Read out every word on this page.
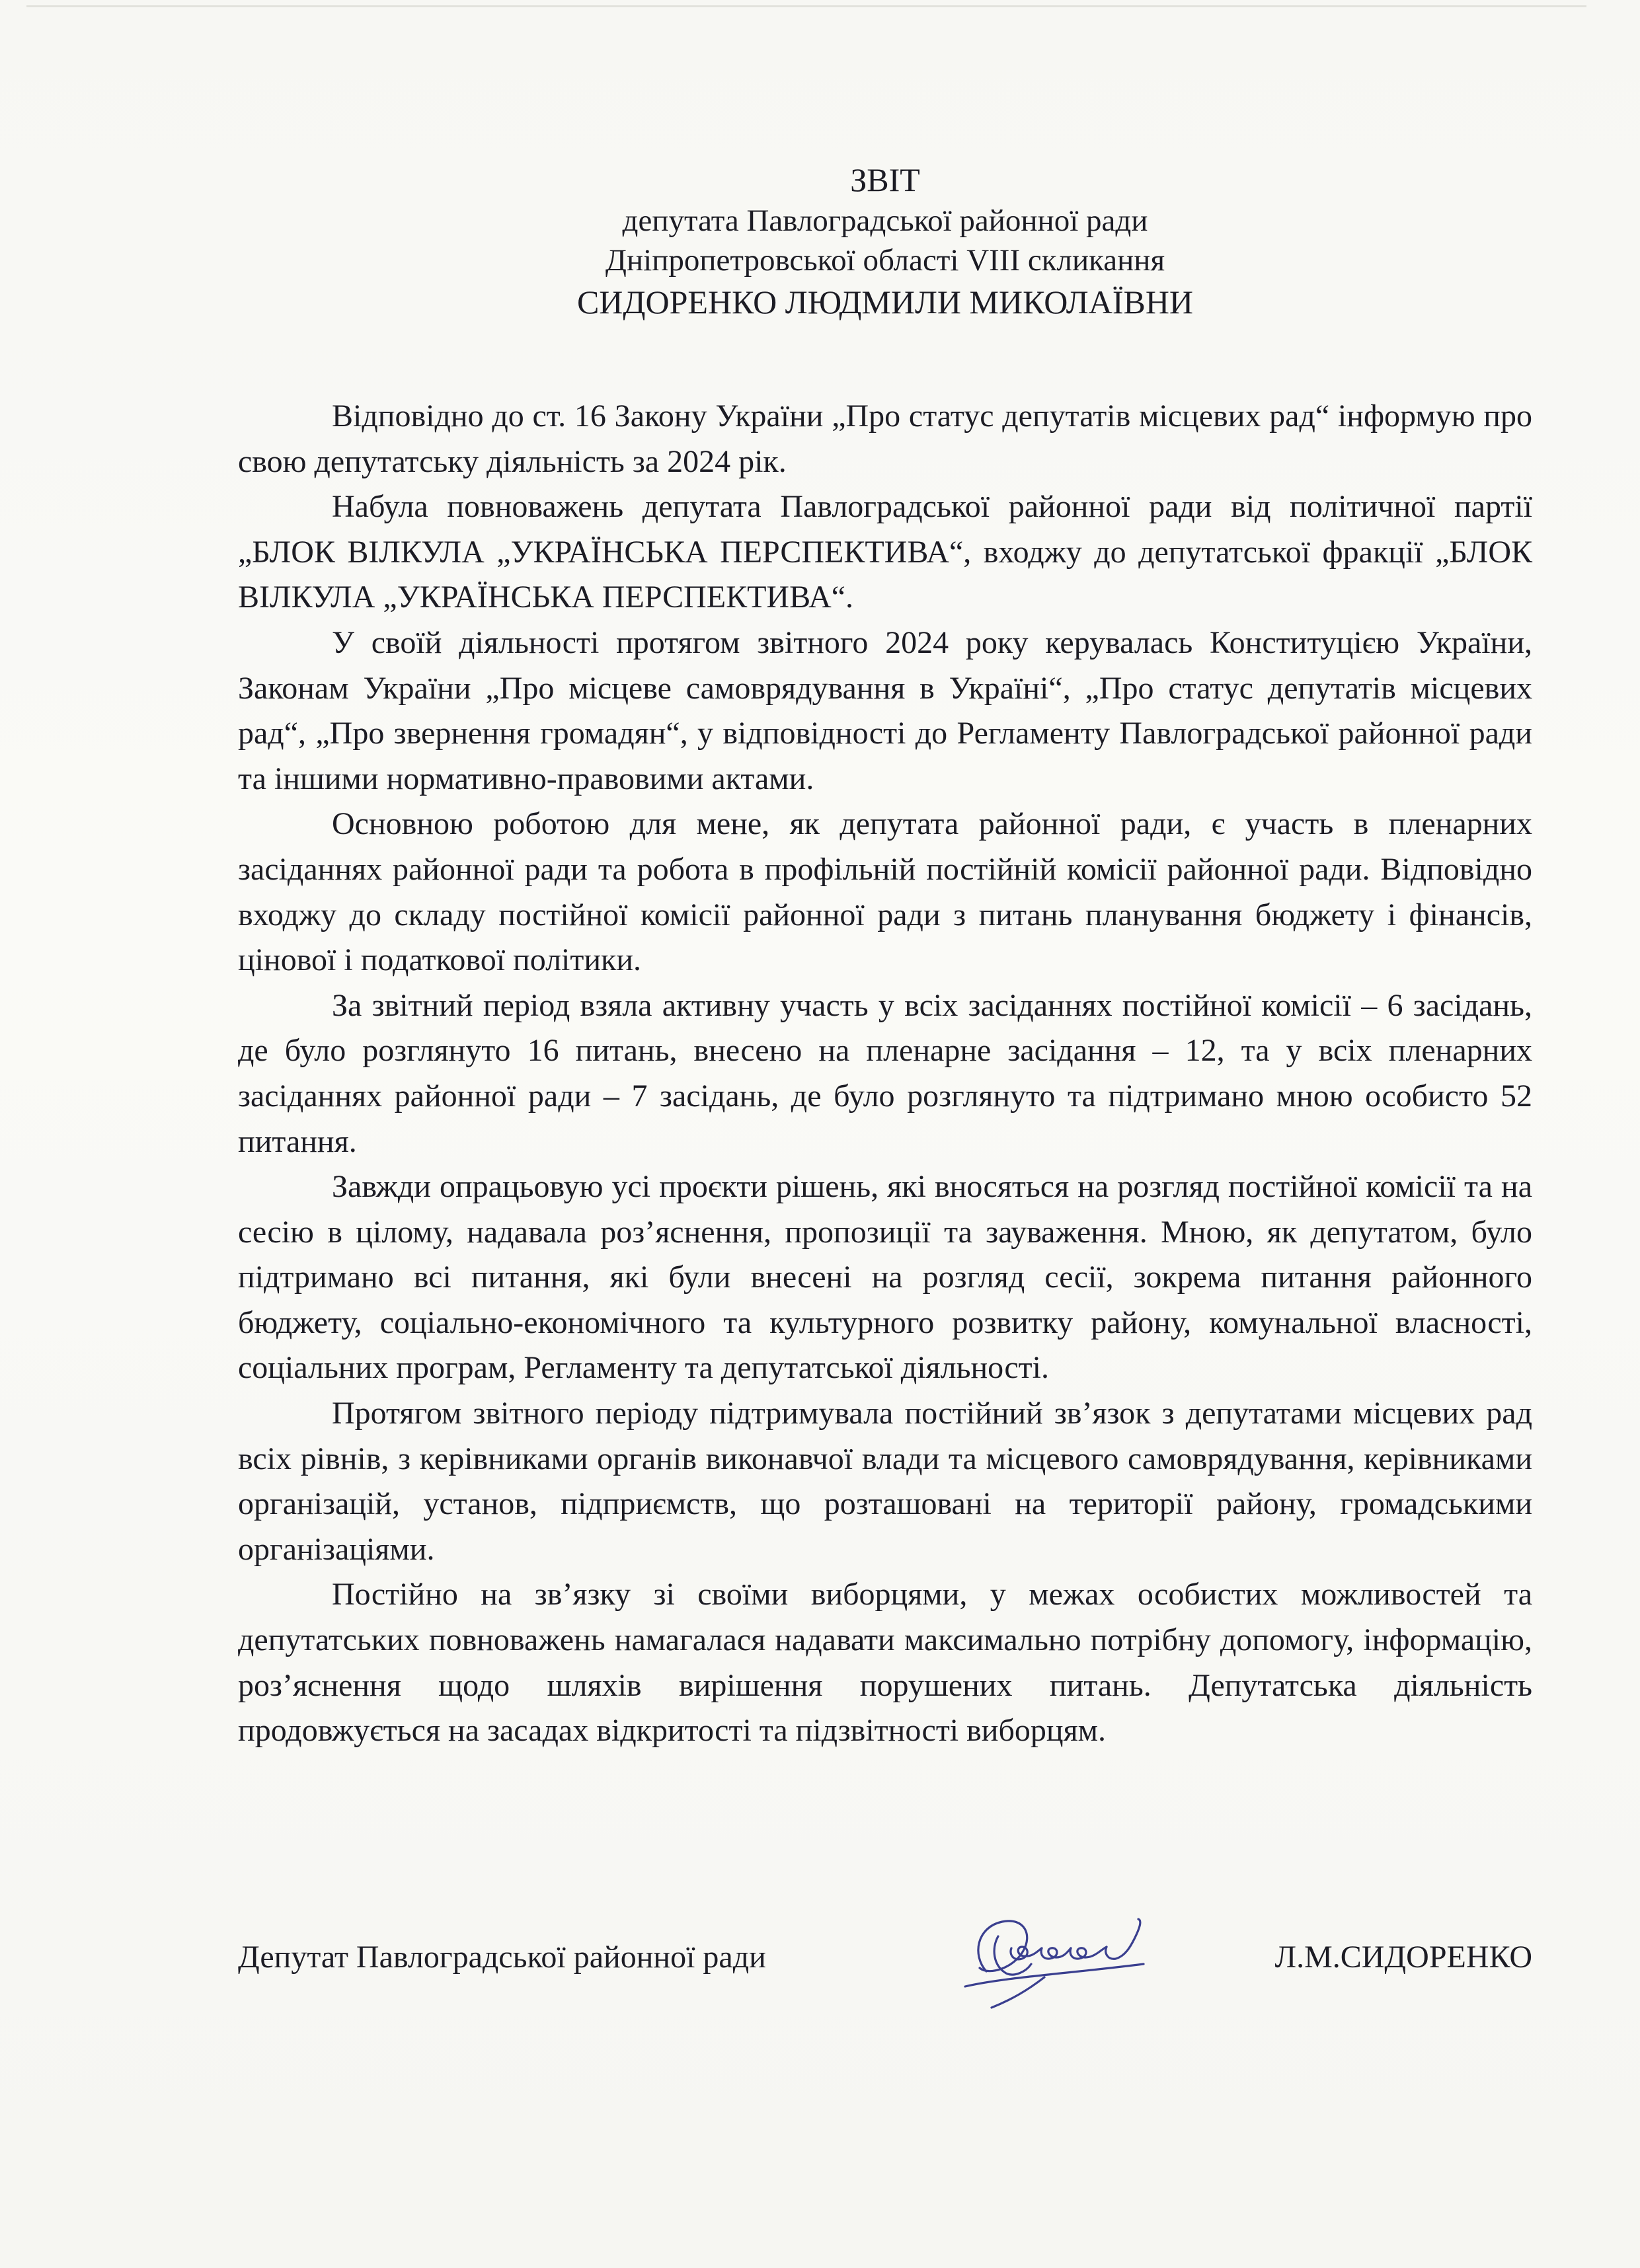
ЗВІТ
депутата Павлоградської районної ради
Дніпропетровської області VIII скликання
СИДОРЕНКО ЛЮДМИЛИ МИКОЛАЇВНИ

Відповідно до ст. 16 Закону України „Про статус депутатів місцевих рад“ інформую про свою депутатську діяльність за 2024 рік.

Набула повноважень депутата Павлоградської районної ради від політичної партії „БЛОК ВІЛКУЛА „УКРАЇНСЬКА ПЕРСПЕКТИВА“, входжу до депутатської фракції „БЛОК ВІЛКУЛА „УКРАЇНСЬКА ПЕРСПЕКТИВА“.

У своїй діяльності протягом звітного 2024 року керувалась Конституцією України, Законам України „Про місцеве самоврядування в Україні“, „Про статус депутатів місцевих рад“, „Про звернення громадян“, у відповідності до Регламенту Павлоградської районної ради та іншими нормативно-правовими актами.

Основною роботою для мене, як депутата районної ради, є участь в пленарних засіданнях районної ради та робота в профільній постійній комісії районної ради. Відповідно входжу до складу постійної комісії районної ради з питань планування бюджету і фінансів, цінової і податкової політики.

За звітний період взяла активну участь у всіх засіданнях постійної комісії – 6 засідань, де було розглянуто 16 питань, внесено на пленарне засідання – 12, та у всіх пленарних засіданнях районної ради – 7 засідань, де було розглянуто та підтримано мною особисто 52 питання.

Завжди опрацьовую усі проєкти рішень, які вносяться на розгляд постійної комісії та на сесію в цілому, надавала роз’яснення, пропозиції та зауваження. Мною, як депутатом, було підтримано всі питання, які були внесені на розгляд сесії, зокрема питання районного бюджету, соціально-економічного та культурного розвитку району, комунальної власності, соціальних програм, Регламенту та депутатської діяльності.

Протягом звітного періоду підтримувала постійний зв’язок з депутатами місцевих рад всіх рівнів, з керівниками органів виконавчої влади та місцевого самоврядування, керівниками організацій, установ, підприємств, що розташовані на території району, громадськими організаціями.

Постійно на зв’язку зі своїми виборцями, у межах особистих можливостей та депутатських повноважень намагалася надавати максимально потрібну допомогу, інформацію, роз’яснення щодо шляхів вирішення порушених питань. Депутатська діяльність продовжується на засадах відкритості та підзвітності виборцям.

Депутат Павлоградської районної ради	Л.М.СИДОРЕНКО
